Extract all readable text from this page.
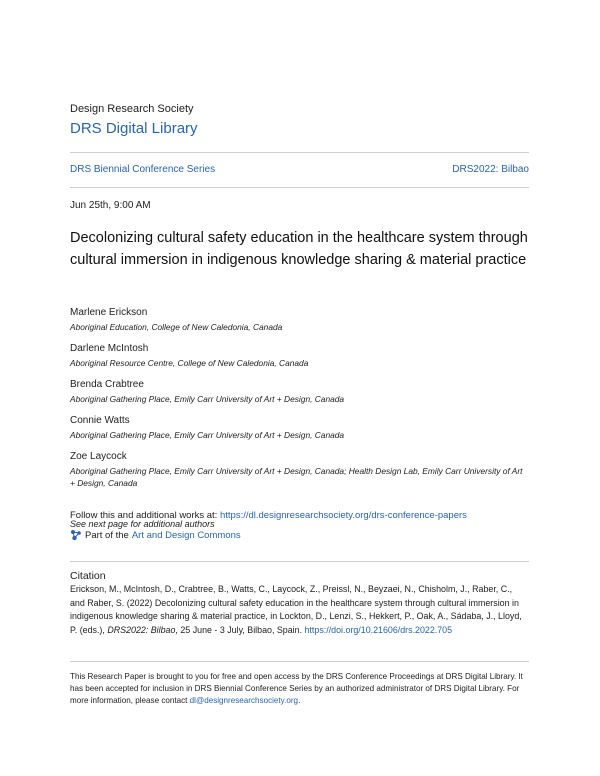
Design Research Society
DRS Digital Library
DRS Biennial Conference Series	DRS2022: Bilbao
Jun 25th, 9:00 AM
Decolonizing cultural safety education in the healthcare system through cultural immersion in indigenous knowledge sharing & material practice
Marlene Erickson
Aboriginal Education, College of New Caledonia, Canada
Darlene McIntosh
Aboriginal Resource Centre, College of New Caledonia, Canada
Brenda Crabtree
Aboriginal Gathering Place, Emily Carr University of Art + Design, Canada
Connie Watts
Aboriginal Gathering Place, Emily Carr University of Art + Design, Canada
Zoe Laycock
Aboriginal Gathering Place, Emily Carr University of Art + Design, Canada; Health Design Lab, Emily Carr University of Art + Design, Canada
Follow this and additional works at: https://dl.designresearchsociety.org/drs-conference-papers
See next page for additional authors
Part of the Art and Design Commons
Citation
Erickson, M., McIntosh, D., Crabtree, B., Watts, C., Laycock, Z., Preissl, N., Beyzaei, N., Chisholm, J., Raber, C., and Raber, S. (2022) Decolonizing cultural safety education in the healthcare system through cultural immersion in indigenous knowledge sharing & material practice, in Lockton, D., Lenzi, S., Hekkert, P., Oak, A., Sádaba, J., Lloyd, P. (eds.), DRS2022: Bilbao, 25 June - 3 July, Bilbao, Spain. https://doi.org/10.21606/drs.2022.705
This Research Paper is brought to you for free and open access by the DRS Conference Proceedings at DRS Digital Library. It has been accepted for inclusion in DRS Biennial Conference Series by an authorized administrator of DRS Digital Library. For more information, please contact dl@designresearchsociety.org.
